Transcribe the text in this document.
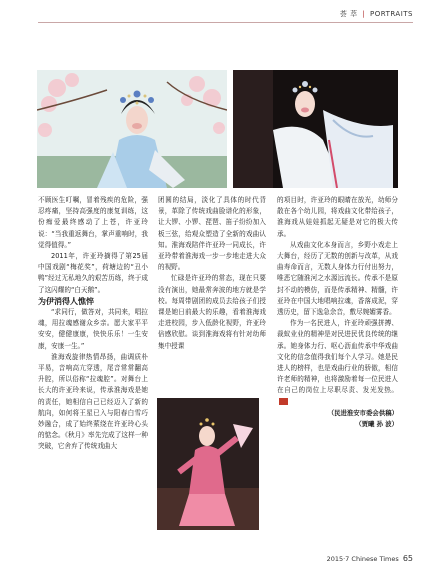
荟 萃 | PORTRAITS

不顾医生叮嘱，冒着残疾的危险，强忍疼痛，坚持高强度的康复训练，这份痴爱最终感动了上苍，许亚玲说：“当我重返舞台，掌声重响时，我觉得值得。”

2011年，许亚玲摘得了第25届中国戏剧“梅花奖”，荷塘边的“丑小鸭”经过无私地久的艰苦历练，终于成了这闪耀的“白天鹅”。

为伊消得人憔悴

“求同行，做答对，共同来，唱拉魂，用拉魂感谢众乡亲。愿大家平平安安，健健康康，快快乐乐！一生安康，安康一生。”

淮海戏旋律热情昂扬，曲调质朴平易，音响高亢穿透，尾音常常翻高升腔，所以俗称“拉魂腔”。对舞台上长大的许亚玲来说，传承淮海戏是她的责任，她相信自己已经迈入了新的航向，如何将王星已入与阳春白雪巧妙融合，成了始终萦绕在许亚玲心头的惦念。《秋月》率先完成了这样一种突破，它舍弃了传统戏曲大

团圆的结局，淡化了具体的时代背景，革除了传统戏曲脸谱化的形象，让大锣、小锣、琵琶、笛子纷纷加入板三弦，给观众塑造了全新的戏曲认知。淮海戏陪伴许亚玲一同成长，许亚玲带着淮海戏一步一步地走进大众的视野。

忙碌是许亚玲的常态，现在只要没有演出，她最常奔波的地方就是学校。每周带剧团的成员去给孩子们授课是她日前最大的乐趣，看着淮海戏走进校园，步入低龄化视野，许亚玲倍感欣慰。谈到淮海戏将有针对幼师集中授课

的项目时，许亚玲的眼睛在放光，幼师分散在各个幼儿园，将戏曲文化带给孩子，淮海戏从娃娃抓起无疑是对它的极大传承。

从戏曲文化本身而言，乡野小戏走上大舞台，经历了无数的创新与改革，从戏曲寿命而言，无数人身体力行付出努力，唯恶它随淮河之水源远流长。传承不是原封不动的模仿，而是传承精神、精髓，许亚玲在中国大地唱响拉魂，香落成泥，穿透历史，留下逸急余音，敷尽婉媚雾香。

作为一名民进人，许亚玲顽强拼搏、裁蚁业业的精神是对民进民优良传统的继承。她身体力行、呕心沥血传承中华戏曲文化的信念值得我们每个人学习。她是民进人的榜样，也是戏曲行业的骄傲，相信许老师的精神，也将激励着每一位民进人在自己的岗位上尽职尽责、发光发热。

（民进淮安市委会供稿）

（贾曦 孙 波）

2015·7 Chinese Times 65
